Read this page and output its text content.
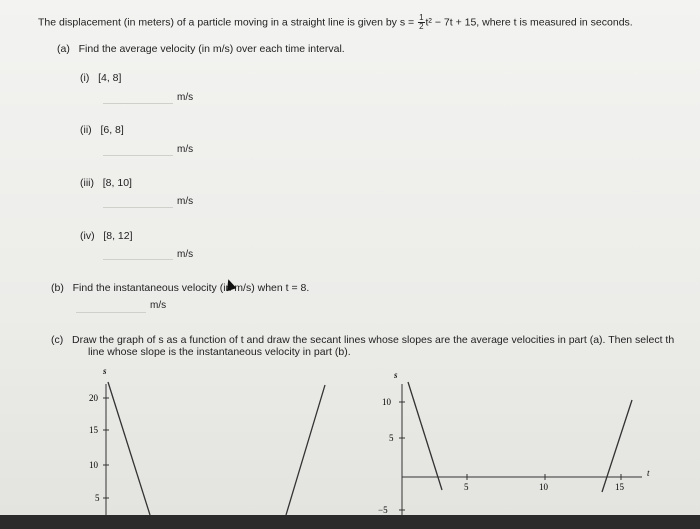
The displacement (in meters) of a particle moving in a straight line is given by $s = \frac{1}{2} t^2 - 7t + 15$, where t is measured in seconds.
(a) Find the average velocity (in m/s) over each time interval.
(i) [4, 8]
m/s
(ii) [6, 8]
m/s
(iii) [8, 10]
m/s
(iv) [8, 12]
m/s
(b) Find the instantaneous velocity (in m/s) when t = 8.
m/s
(c) Draw the graph of s as a function of t and draw the secant lines whose slopes are the average velocities in part (a). Then select th
line whose slope is the instantaneous velocity in part (b).
s
20
15
10
5
s
10
5
−5
5	10	15
t
